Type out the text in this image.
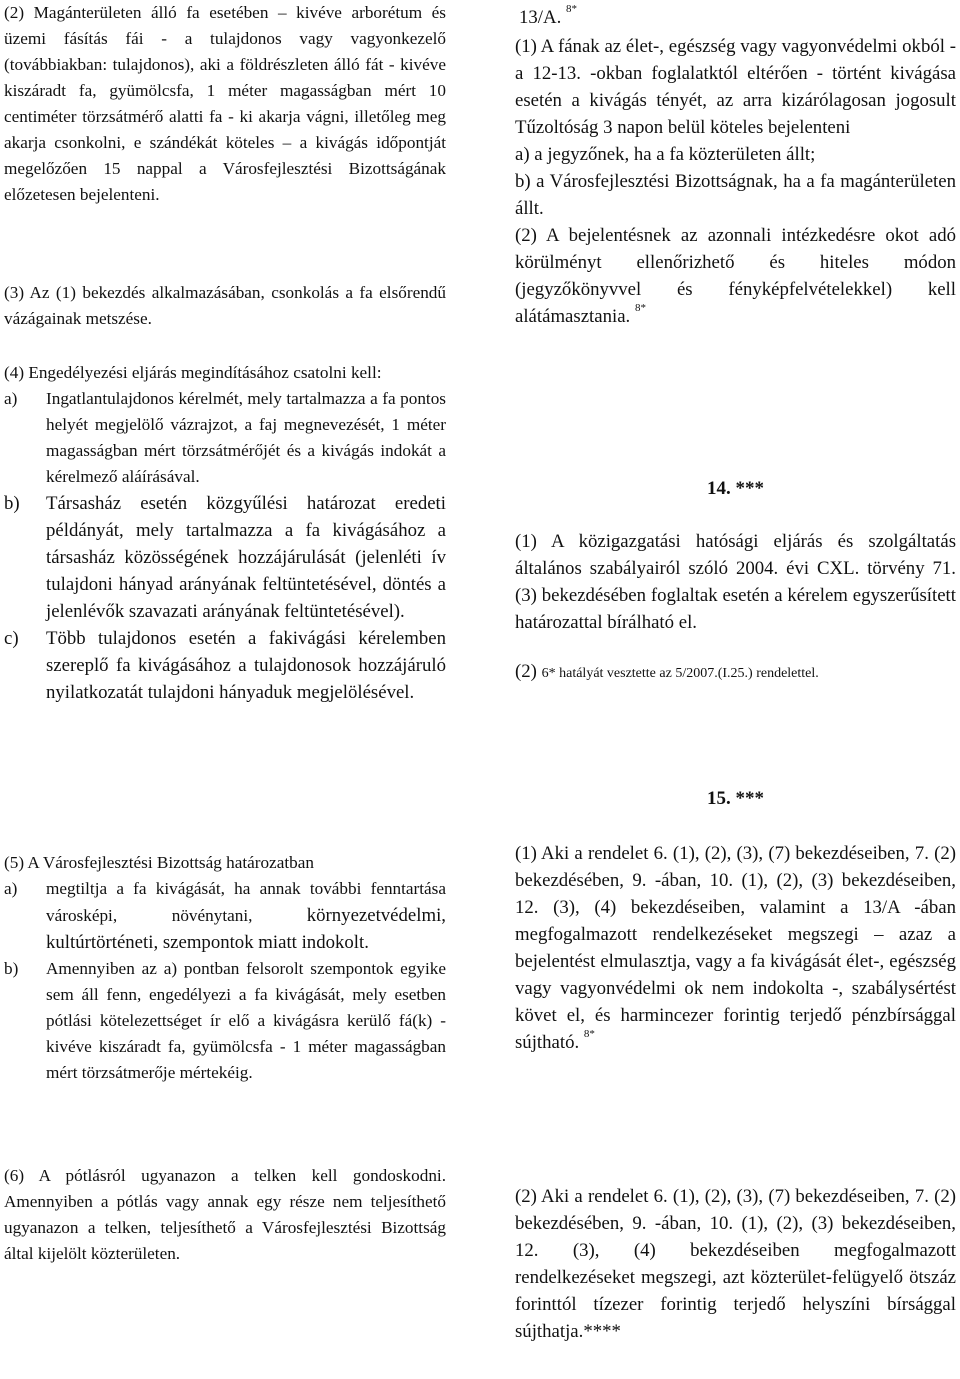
(2) Magánterületen álló fa esetében – kivéve arborétum és üzemi fásítás fái - a tulajdonos vagy vagyonkezelő (továbbiakban: tulajdonos), aki a földrészleten álló fát - kivéve kiszáradt fa, gyümölcsfa, 1 méter magasságban mért 10 centiméter törzsátmérő alatti fa - ki akarja vágni, illetőleg meg akarja csonkolni, e szándékát köteles – a kivágás időpontját megelőzően 15 nappal a Városfejlesztési Bizottságának előzetesen bejelenteni.

(3) Az (1) bekezdés alkalmazásában, csonkolás a fa elsőrendű vázágainak metszése.

(4) Engedélyezési eljárás megindításához csatolni kell:

a)	Ingatlantulajdonos kérelmét, mely tartalmazza a fa pontos helyét megjelölő vázrajzot, a faj megnevezését, 1 méter magasságban mért törzsátmérőjét és a kivágás indokát a kérelmező aláírásával.
b)	Társasház esetén közgyűlési határozat eredeti példányát, mely tartalmazza a fa kivágásához a társasház közösségének hozzájárulását (jelenléti ív tulajdoni hányad arányának feltüntetésével, döntés a jelenlévők szavazati arányának feltüntetésével).
c)	Több tulajdonos esetén a fakivágási kérelemben szereplő fa kivágásához a tulajdonosok hozzájáruló nyilatkozatát tulajdoni hányaduk megjelölésével.

(5) A Városfejlesztési Bizottság határozatban

a)	megtiltja a fa kivágását, ha annak további fenntartása városképi, növénytani,	környezetvédelmi, kultúrtörténeti, szempontok miatt indokolt.
b)	Amennyiben az a) pontban felsorolt szempontok egyike sem áll fenn, engedélyezi a fa kivágását, mely esetben pótlási kötelezettséget ír elő a kivágásra kerülő fá(k) - kivéve kiszáradt fa, gyümölcsfa - 1 méter magasságban mért törzsátmerője mértekéig.

(6) A pótlásról ugyanazon a telken kell gondoskodni. Amennyiben a pótlás vagy annak egy része nem teljesíthető ugyanazon a telken, teljesíthető a Városfejlesztési Bizottság által kijelölt közterületen.

13/A. $^{8*}$

(1) A fának az élet-, egészség vagy vagyonvédelmi okból - a 12-13. -okban foglalatktól eltérően - történt kivágása esetén a kivágás tényét, az arra kizárólagosan jogosult Tűzoltóság 3 napon belül köteles bejelenteni

a) a jegyzőnek, ha a fa közterületen állt;

b) a Városfejlesztési Bizottságnak, ha a fa magánterületen állt.

(2) A bejelentésnek az azonnali intézkedésre okot adó körülményt ellenőrizhető és hiteles módon (jegyzőkönyvvel és fényképfelvételekkel) kell alátámasztania. $^{8*}$

14. ***

(1) A közigazgatási hatósági eljárás és szolgáltatás általános szabályairól szóló 2004. évi CXL. törvény 71. (3) bekezdésében foglaltak esetén a kérelem egyszerűsített határozattal bírálható el.

(2) 6* hatályát vesztette az 5/2007.(I.25.) rendelettel.

15. ***

(1) Aki a rendelet 6. (1), (2), (3), (7) bekezdéseiben, 7. (2) bekezdésében, 9. -ában, 10. (1), (2), (3) bekezdéseiben, 12. (3), (4) bekezdéseiben, valamint a 13/A -ában megfogalmazott rendelkezéseket megszegi – azaz a bejelentést elmulasztja, vagy a fa kivágását élet-, egészség vagy vagyonvédelmi ok nem indokolta -, szabálysértést követ el, és harmincezer forintig terjedő pénzbírsággal sújtható. $^{8*}$

(2) Aki a rendelet 6. (1), (2), (3), (7) bekezdéseiben, 7. (2) bekezdésében, 9. -ában, 10. (1), (2), (3) bekezdéseiben, 12. (3), (4) bekezdéseiben megfogalmazott rendelkezéseket megszegi, azt közterület-felügyelő ötszáz forinttól tízezer forintig terjedő helyszíni bírsággal sújthatja.****
